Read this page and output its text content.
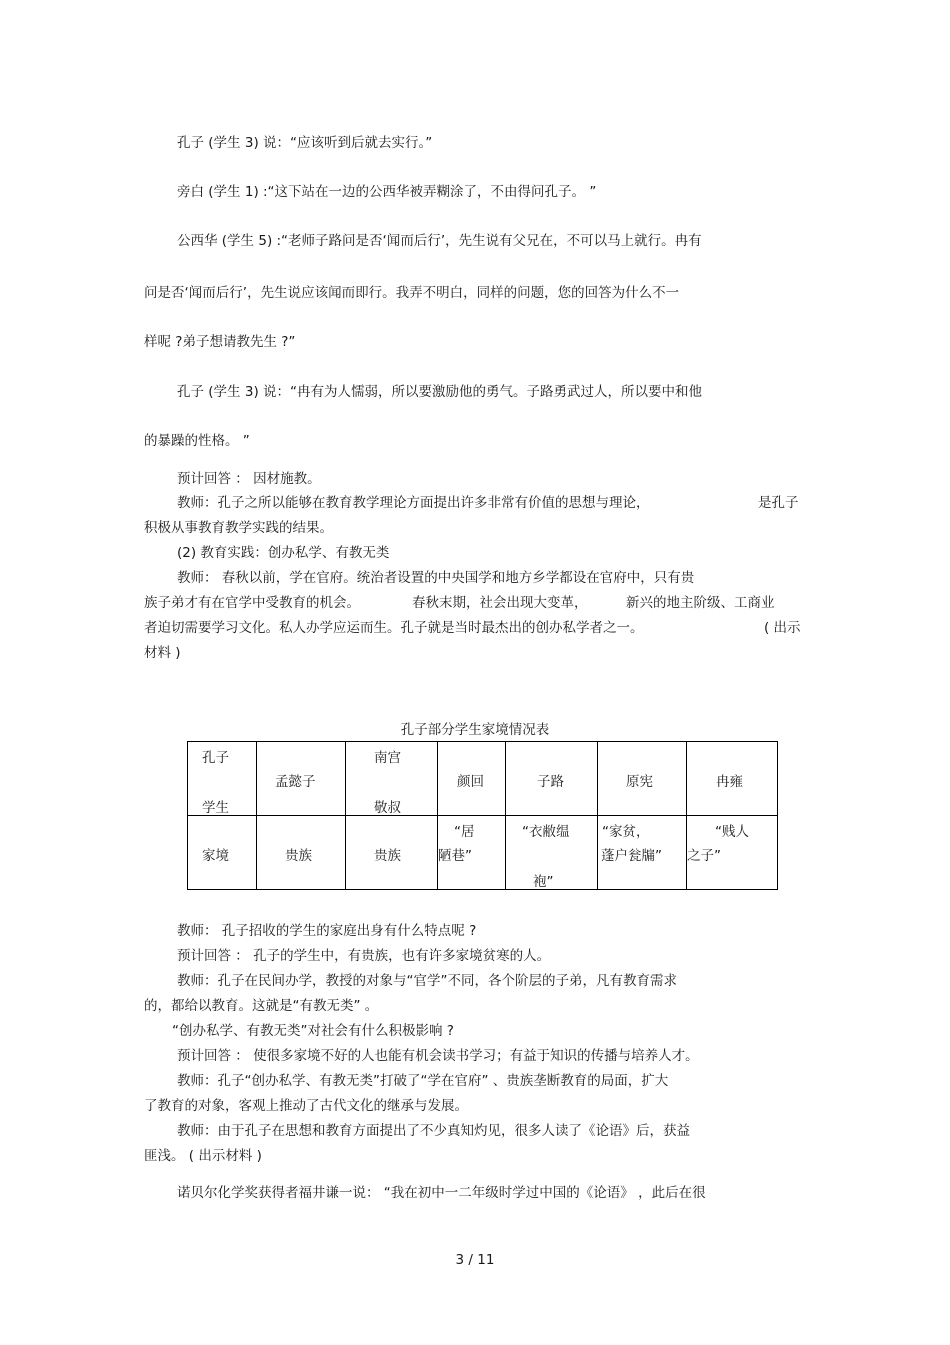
孔子 (学生 3) 说：“应该听到后就去实行。”
旁白 (学生 1) :“这下站在一边的公西华被弄糊涂了，不由得问孔子。 ”
公西华 (学生 5) :“老师子路问是否‘闻而后行’，先生说有父兄在，不可以马上就行。冉有
问是否‘闻而后行’，先生说应该闻而即行。我弄不明白，同样的问题，您的回答为什么不一
样呢 ?弟子想请教先生 ?”
孔子 (学生 3) 说：“冉有为人懦弱，所以要激励他的勇气。子路勇武过人，所以要中和他
的暴躁的性格。 ”
预计回答 ： 因材施教。
教师：孔子之所以能够在教育教学理论方面提出许多非常有价值的思想与理论，	是孔子
积极从事教育教学实践的结果。
(2) 教育实践：创办私学、有教无类
教师： 春秋以前，学在官府。统治者设置的中央国学和地方乡学都设在官府中，只有贵
族子弟才有在官学中受教育的机会。	春秋末期，社会出现大变革，	新兴的地主阶级、工商业
者迫切需要学习文化。私人办学应运而生。孔子就是当时最杰出的创办私学者之一。	( 出示
材料 )
孔子部分学生家境情况表
孔子
学生	孟懿子	南宫
敬叔	颜回	子路	原宪	冉雍

家境	贵族	贵族	“居
陋巷”	“衣敝缊
袍”	“家贫，
蓬户瓮牖”	“贱人
之子”
教师： 孔子招收的学生的家庭出身有什么特点呢 ?
预计回答 ： 孔子的学生中，有贵族，也有许多家境贫寒的人。
教师：孔子在民间办学，教授的对象与“官学”不同，各个阶层的子弟，凡有教育需求
的，都给以教育。这就是“有教无类” 。
“创办私学、有教无类”对社会有什么积极影响 ?
预计回答 ： 使很多家境不好的人也能有机会读书学习；有益于知识的传播与培养人才。
教师：孔子“创办私学、有教无类”打破了“学在官府” 、贵族垄断教育的局面，扩大
了教育的对象，客观上推动了古代文化的继承与发展。
教师：由于孔子在思想和教育方面提出了不少真知灼见，很多人读了《论语》后，获益
匪浅。 ( 出示材料 )
诺贝尔化学奖获得者福井谦一说： “我在初中一二年级时学过中国的《论语》 ，此后在很
3 / 11
